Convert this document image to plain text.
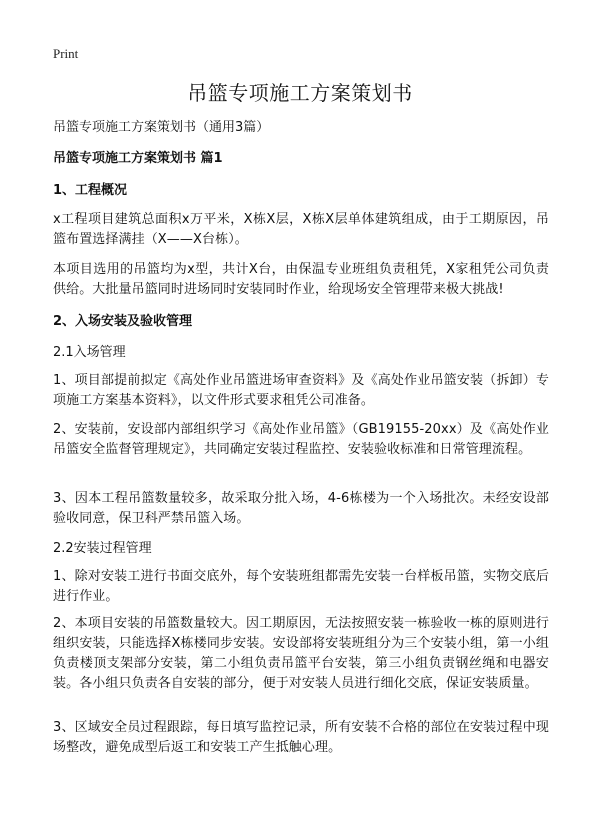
Print
吊篮专项施工方案策划书
吊篮专项施工方案策划书（通用3篇）
吊篮专项施工方案策划书 篇1
1、工程概况
x工程项目建筑总面积x万平米，X栋X层，X栋X层单体建筑组成，由于工期原因，吊篮布置选择满挂（X——X台栋）。
本项目选用的吊篮均为x型，共计X台，由保温专业班组负责租凭，X家租凭公司负责供给。大批量吊篮同时进场同时安装同时作业，给现场安全管理带来极大挑战!
2、入场安装及验收管理
2.1入场管理
1、项目部提前拟定《高处作业吊篮进场审查资料》及《高处作业吊篮安装（拆卸）专项施工方案基本资料》，以文件形式要求租凭公司准备。
2、安装前，安设部内部组织学习《高处作业吊篮》（GB19155-20xx）及《高处作业吊篮安全监督管理规定》，共同确定安装过程监控、安装验收标准和日常管理流程。
3、因本工程吊篮数量较多，故采取分批入场，4-6栋楼为一个入场批次。未经安设部验收同意，保卫科严禁吊篮入场。
2.2安装过程管理
1、除对安装工进行书面交底外，每个安装班组都需先安装一台样板吊篮，实物交底后进行作业。
2、本项目安装的吊篮数量较大。因工期原因，无法按照安装一栋验收一栋的原则进行组织安装，只能选择X栋楼同步安装。安设部将安装班组分为三个安装小组，第一小组负责楼顶支架部分安装，第二小组负责吊篮平台安装，第三小组负责钢丝绳和电器安装。各小组只负责各自安装的部分，便于对安装人员进行细化交底，保证安装质量。
3、区域安全员过程跟踪，每日填写监控记录，所有安装不合格的部位在安装过程中现场整改，避免成型后返工和安装工产生抵触心理。
